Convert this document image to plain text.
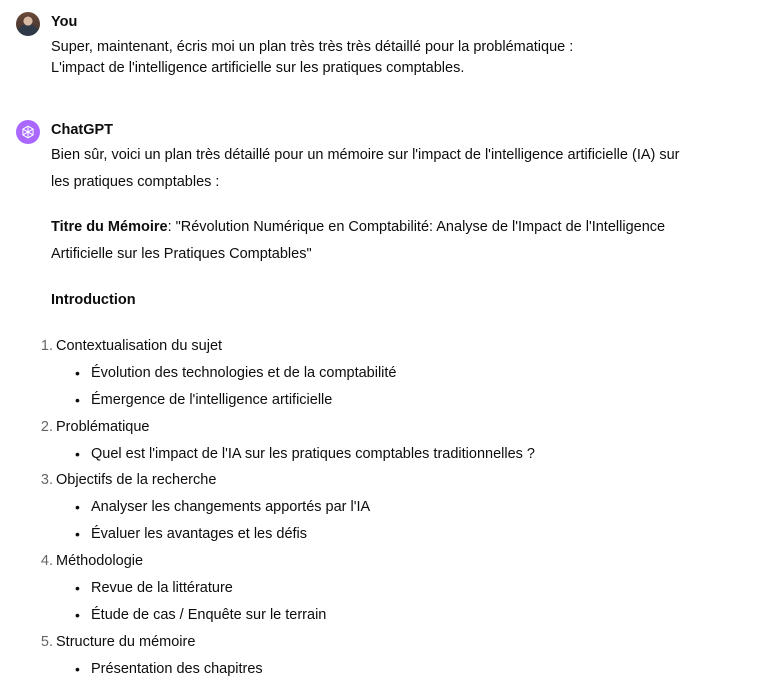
You
Super, maintenant, écris moi un plan très très très détaillé pour la problématique :
L'impact de l'intelligence artificielle sur les pratiques comptables.
ChatGPT
Bien sûr, voici un plan très détaillé pour un mémoire sur l'impact de l'intelligence artificielle (IA) sur
les pratiques comptables :
Titre du Mémoire: "Révolution Numérique en Comptabilité: Analyse de l'Impact de l'Intelligence
Artificielle sur les Pratiques Comptables"
Introduction
1. Contextualisation du sujet
• Évolution des technologies et de la comptabilité
• Émergence de l'intelligence artificielle
2. Problématique
• Quel est l'impact de l'IA sur les pratiques comptables traditionnelles ?
3. Objectifs de la recherche
• Analyser les changements apportés par l'IA
• Évaluer les avantages et les défis
4. Méthodologie
• Revue de la littérature
• Étude de cas / Enquête sur le terrain
5. Structure du mémoire
• Présentation des chapitres
